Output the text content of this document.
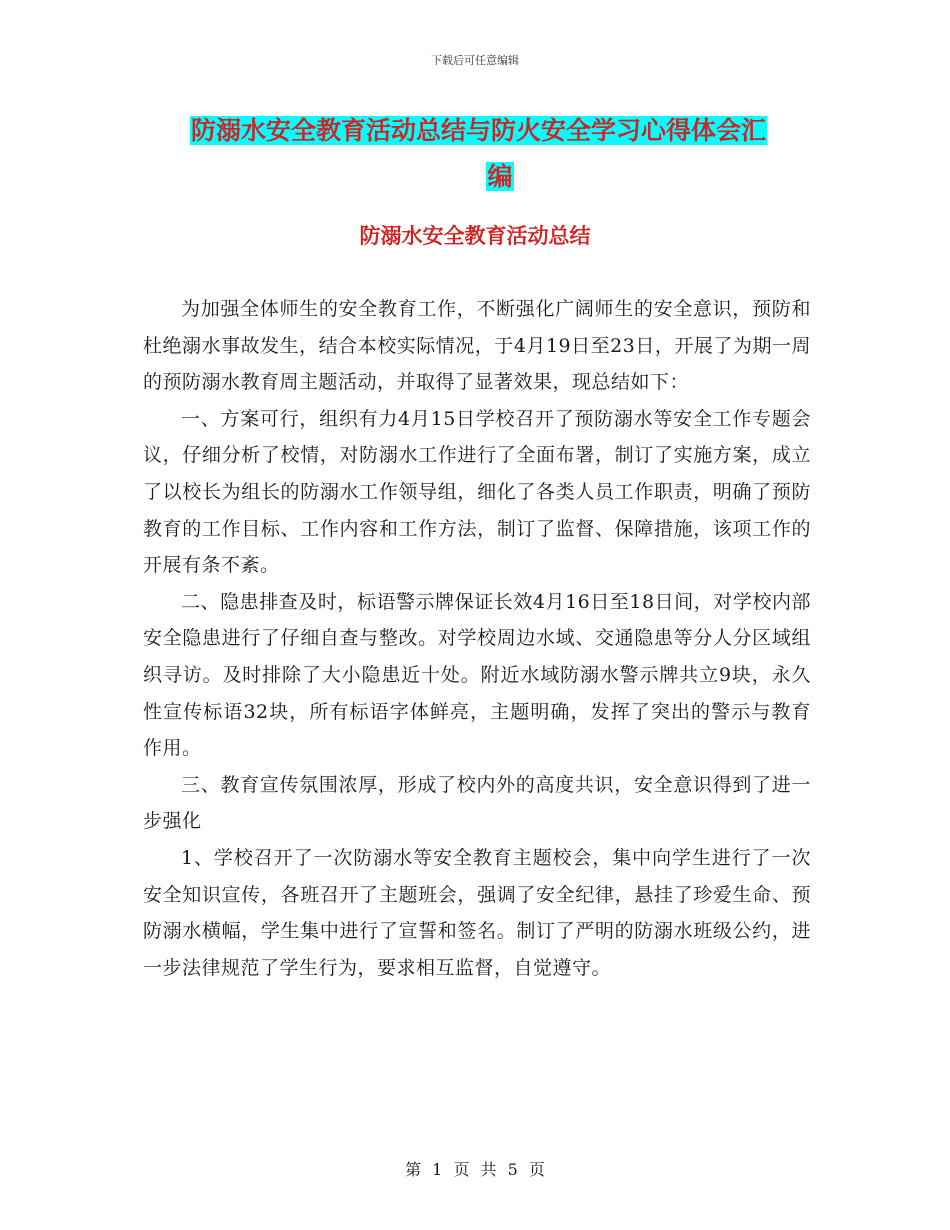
下载后可任意编辑
防溺水安全教育活动总结与防火安全学习心得体会汇
编
防溺水安全教育活动总结

为加强全体师生的安全教育工作，不断强化广阔师生的安全意识，预防和杜绝溺水事故发生，结合本校实际情况，于4月19日至23日，开展了为期一周的预防溺水教育周主题活动，并取得了显著效果，现总结如下：

一、方案可行，组织有力4月15日学校召开了预防溺水等安全工作专题会议，仔细分析了校情，对防溺水工作进行了全面布署，制订了实施方案，成立了以校长为组长的防溺水工作领导组，细化了各类人员工作职责，明确了预防教育的工作目标、工作内容和工作方法，制订了监督、保障措施，该项工作的开展有条不紊。

二、隐患排查及时，标语警示牌保证长效4月16日至18日间，对学校内部安全隐患进行了仔细自查与整改。对学校周边水域、交通隐患等分人分区域组织寻访。及时排除了大小隐患近十处。附近水域防溺水警示牌共立9块，永久性宣传标语32块，所有标语字体鲜亮，主题明确，发挥了突出的警示与教育作用。

三、教育宣传氛围浓厚，形成了校内外的高度共识，安全意识得到了进一步强化

1、学校召开了一次防溺水等安全教育主题校会，集中向学生进行了一次安全知识宣传，各班召开了主题班会，强调了安全纪律，悬挂了珍爱生命、预防溺水横幅，学生集中进行了宣誓和签名。制订了严明的防溺水班级公约，进一步法律规范了学生行为，要求相互监督，自觉遵守。

第 1 页 共 5 页
